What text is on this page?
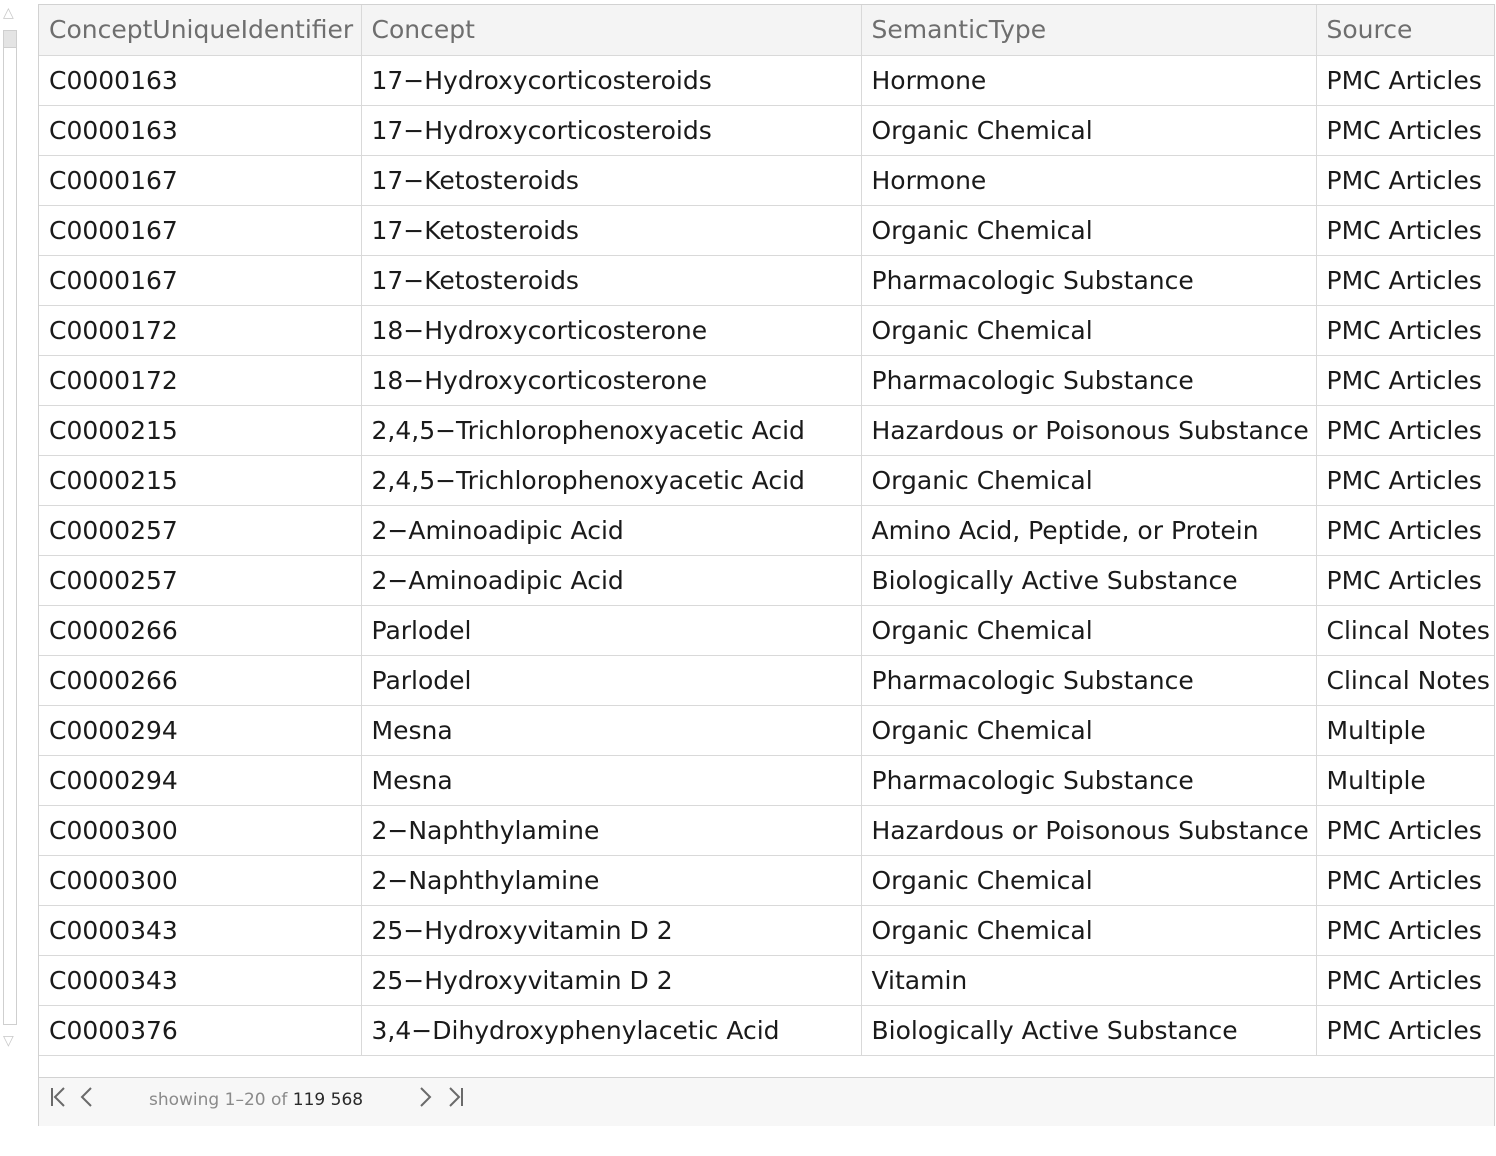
△
▽
ConceptUniqueIdentifier	Concept	SemanticType	Source
C0000163	17−Hydroxycorticosteroids	Hormone	PMC Articles
C0000163	17−Hydroxycorticosteroids	Organic Chemical	PMC Articles
C0000167	17−Ketosteroids	Hormone	PMC Articles
C0000167	17−Ketosteroids	Organic Chemical	PMC Articles
C0000167	17−Ketosteroids	Pharmacologic Substance	PMC Articles
C0000172	18−Hydroxycorticosterone	Organic Chemical	PMC Articles
C0000172	18−Hydroxycorticosterone	Pharmacologic Substance	PMC Articles
C0000215	2,4,5−Trichlorophenoxyacetic Acid	Hazardous or Poisonous Substance	PMC Articles
C0000215	2,4,5−Trichlorophenoxyacetic Acid	Organic Chemical	PMC Articles
C0000257	2−Aminoadipic Acid	Amino Acid, Peptide, or Protein	PMC Articles
C0000257	2−Aminoadipic Acid	Biologically Active Substance	PMC Articles
C0000266	Parlodel	Organic Chemical	Clincal Notes
C0000266	Parlodel	Pharmacologic Substance	Clincal Notes
C0000294	Mesna	Organic Chemical	Multiple
C0000294	Mesna	Pharmacologic Substance	Multiple
C0000300	2−Naphthylamine	Hazardous or Poisonous Substance	PMC Articles
C0000300	2−Naphthylamine	Organic Chemical	PMC Articles
C0000343	25−Hydroxyvitamin D 2	Organic Chemical	PMC Articles
C0000343	25−Hydroxyvitamin D 2	Vitamin	PMC Articles
C0000376	3,4−Dihydroxyphenylacetic Acid	Biologically Active Substance	PMC Articles
showing 1–20 of 119 568
